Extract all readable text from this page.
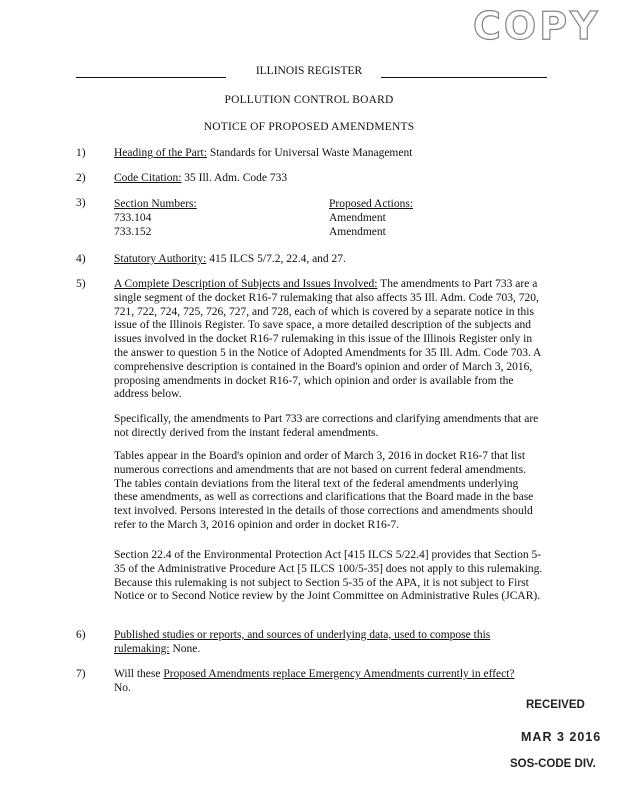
COPY
ILLINOIS REGISTER
POLLUTION CONTROL BOARD
NOTICE OF PROPOSED AMENDMENTS
1) Heading of the Part: Standards for Universal Waste Management
2) Code Citation: 35 Ill. Adm. Code 733
3) Section Numbers:
733.104
733.152
Proposed Actions:
Amendment
Amendment
4) Statutory Authority: 415 ILCS 5/7.2, 22.4, and 27.
5) A Complete Description of Subjects and Issues Involved: The amendments to Part 733 are a single segment of the docket R16-7 rulemaking that also affects 35 Ill. Adm. Code 703, 720, 721, 722, 724, 725, 726, 727, and 728, each of which is covered by a separate notice in this issue of the Illinois Register. To save space, a more detailed description of the subjects and issues involved in the docket R16-7 rulemaking in this issue of the Illinois Register only in the answer to question 5 in the Notice of Adopted Amendments for 35 Ill. Adm. Code 703. A comprehensive description is contained in the Board's opinion and order of March 3, 2016, proposing amendments in docket R16-7, which opinion and order is available from the address below.
Specifically, the amendments to Part 733 are corrections and clarifying amendments that are not directly derived from the instant federal amendments.
Tables appear in the Board's opinion and order of March 3, 2016 in docket R16-7 that list numerous corrections and amendments that are not based on current federal amendments. The tables contain deviations from the literal text of the federal amendments underlying these amendments, as well as corrections and clarifications that the Board made in the base text involved. Persons interested in the details of those corrections and amendments should refer to the March 3, 2016 opinion and order in docket R16-7.
Section 22.4 of the Environmental Protection Act [415 ILCS 5/22.4] provides that Section 5-35 of the Administrative Procedure Act [5 ILCS 100/5-35] does not apply to this rulemaking. Because this rulemaking is not subject to Section 5-35 of the APA, it is not subject to First Notice or to Second Notice review by the Joint Committee on Administrative Rules (JCAR).
6) Published studies or reports, and sources of underlying data, used to compose this rulemaking: None.
7) Will these Proposed Amendments replace Emergency Amendments currently in effect?
No.
RECEIVED
MAR 3 2016
SOS-CODE DIV.
